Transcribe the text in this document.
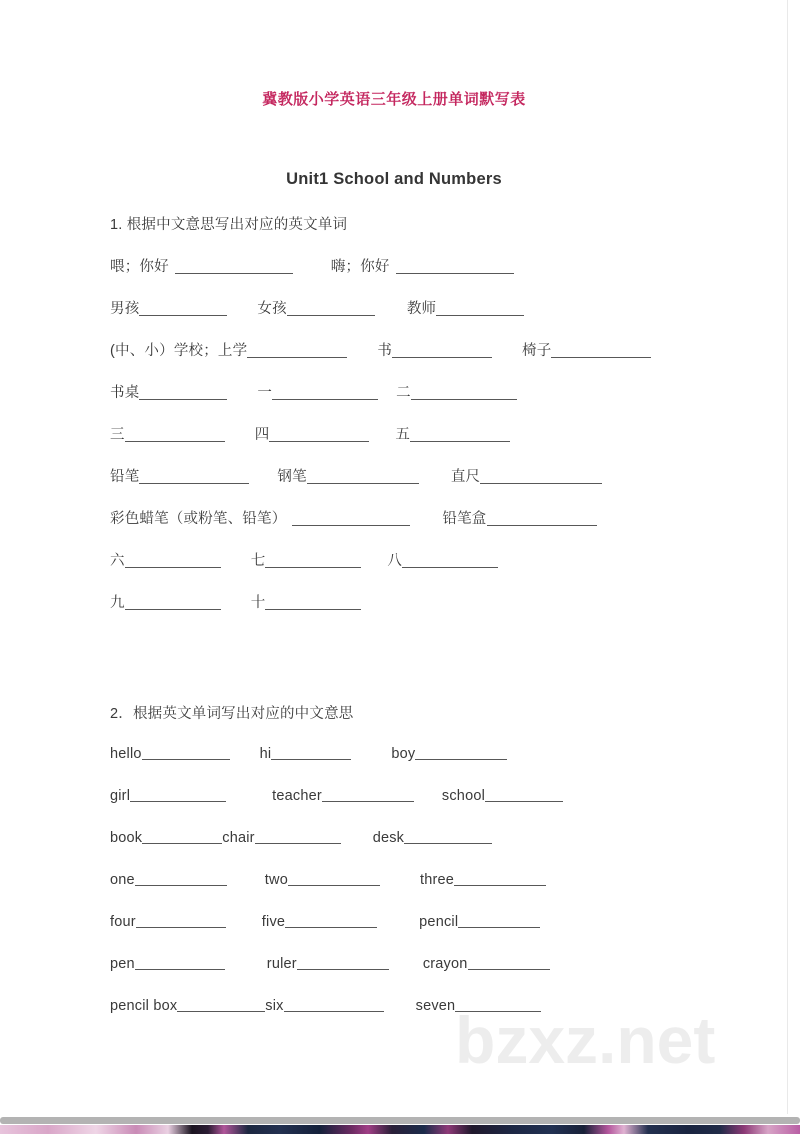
bzxz.net
冀教版小学英语三年级上册单词默写表
Unit1 School and Numbers
1. 根据中文意思写出对应的英文单词
喂；你好	嗨；你好
男孩	女孩	教师
(中、小）学校；上学	书	椅子
书桌	一	二
三	四	五
铅笔	钢笔	直尺
彩色蜡笔（或粉笔、铅笔）	铅笔盒
六	七	八
九	十
2．根据英文单词写出对应的中文意思
hello	hi	boy
girl	teacher	school
book	chair	desk
one	two	three
four	five	pencil
pen	ruler	crayon
pencil box	six	seven
